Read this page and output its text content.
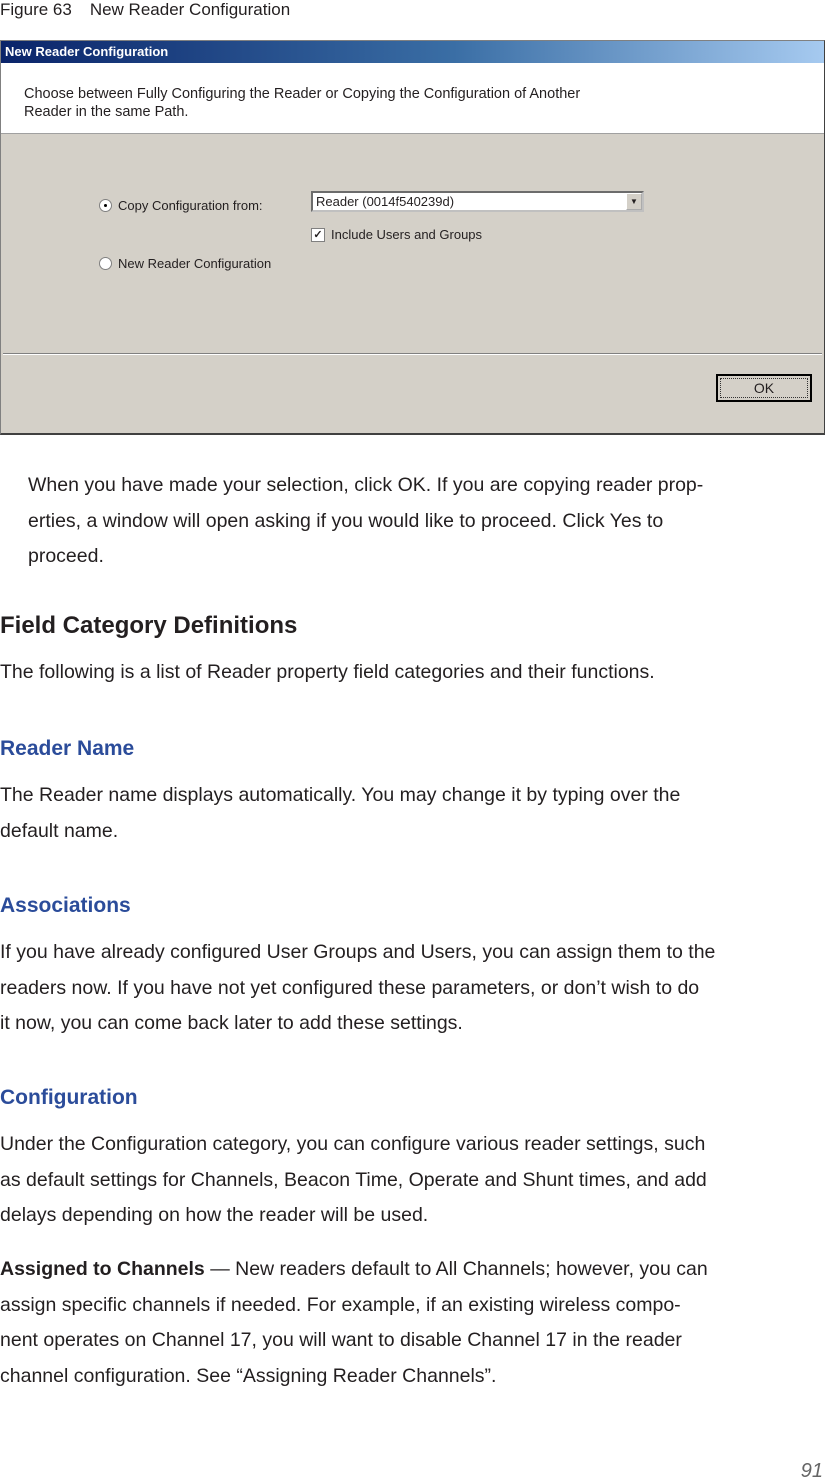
Figure 63 New Reader Configuration
New Reader Configuration
Choose between Fully Configuring the Reader or Copying the Configuration of Another
Reader in the same Path.
Copy Configuration from:	Reader (0014f540239d)	▼
✓ Include Users and Groups
New Reader Configuration
OK
When you have made your selection, click OK. If you are copying reader prop-
erties, a window will open asking if you would like to proceed. Click Yes to
proceed.
Field Category Definitions
The following is a list of Reader property field categories and their functions.
Reader Name
The Reader name displays automatically. You may change it by typing over the
default name.
Associations
If you have already configured User Groups and Users, you can assign them to the
readers now. If you have not yet configured these parameters, or don’t wish to do
it now, you can come back later to add these settings.
Configuration
Under the Configuration category, you can configure various reader settings, such
as default settings for Channels, Beacon Time, Operate and Shunt times, and add
delays depending on how the reader will be used.
Assigned to Channels — New readers default to All Channels; however, you can
assign specific channels if needed. For example, if an existing wireless compo-
nent operates on Channel 17, you will want to disable Channel 17 in the reader
channel configuration. See “Assigning Reader Channels”.
91
